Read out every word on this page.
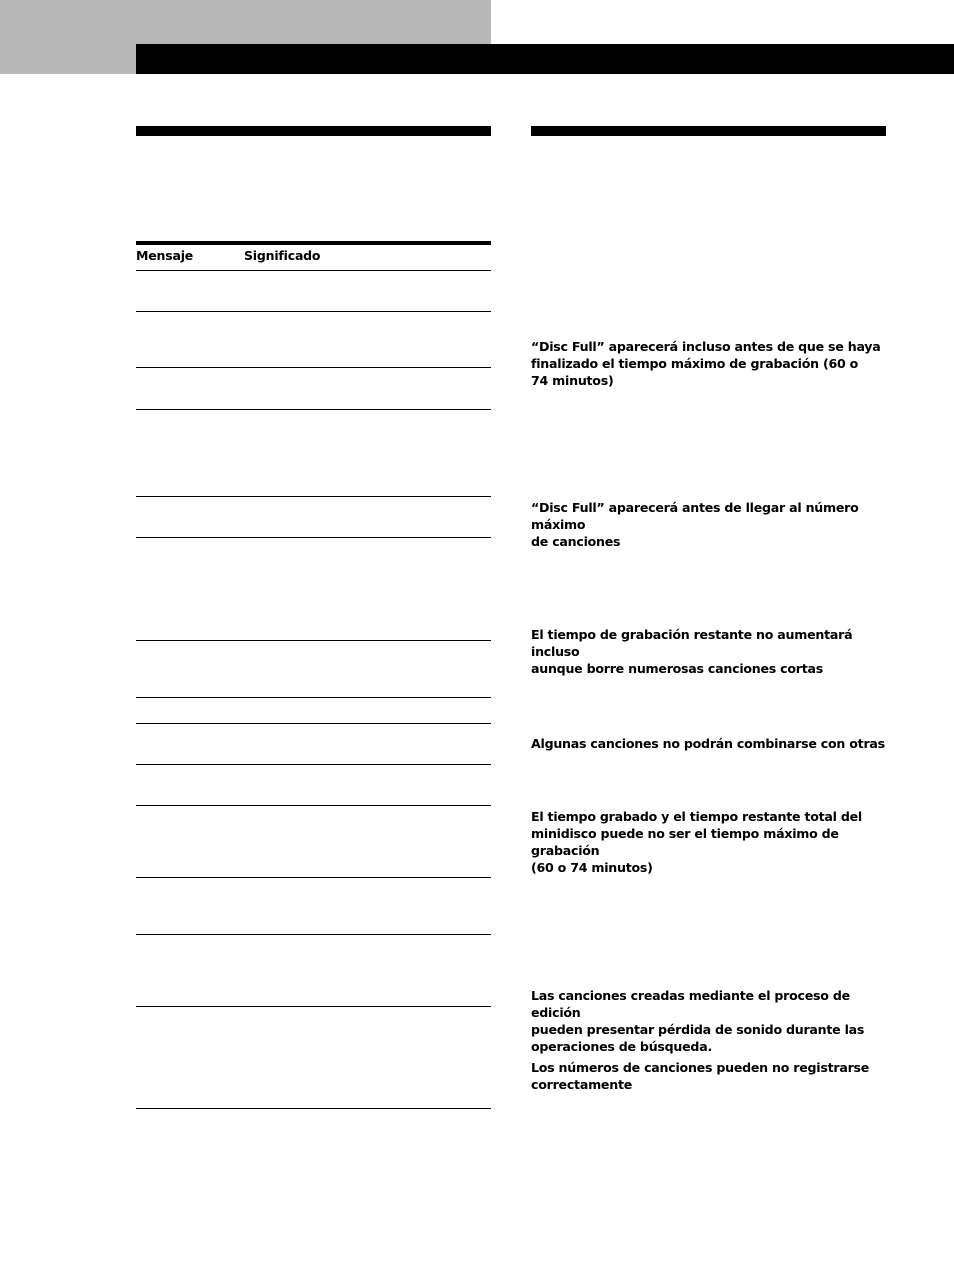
Mensaje	Significado
“Disc Full” aparecerá incluso antes de que se haya
finalizado el tiempo máximo de grabación (60 o
74 minutos)
“Disc Full” aparecerá antes de llegar al número máximo
de canciones
El tiempo de grabación restante no aumentará incluso
aunque borre numerosas canciones cortas
Algunas canciones no podrán combinarse con otras
El tiempo grabado y el tiempo restante total del
minidisco puede no ser el tiempo máximo de grabación
(60 o 74 minutos)
Las canciones creadas mediante el proceso de edición
pueden presentar pérdida de sonido durante las
operaciones de búsqueda.
Los números de canciones pueden no registrarse
correctamente
